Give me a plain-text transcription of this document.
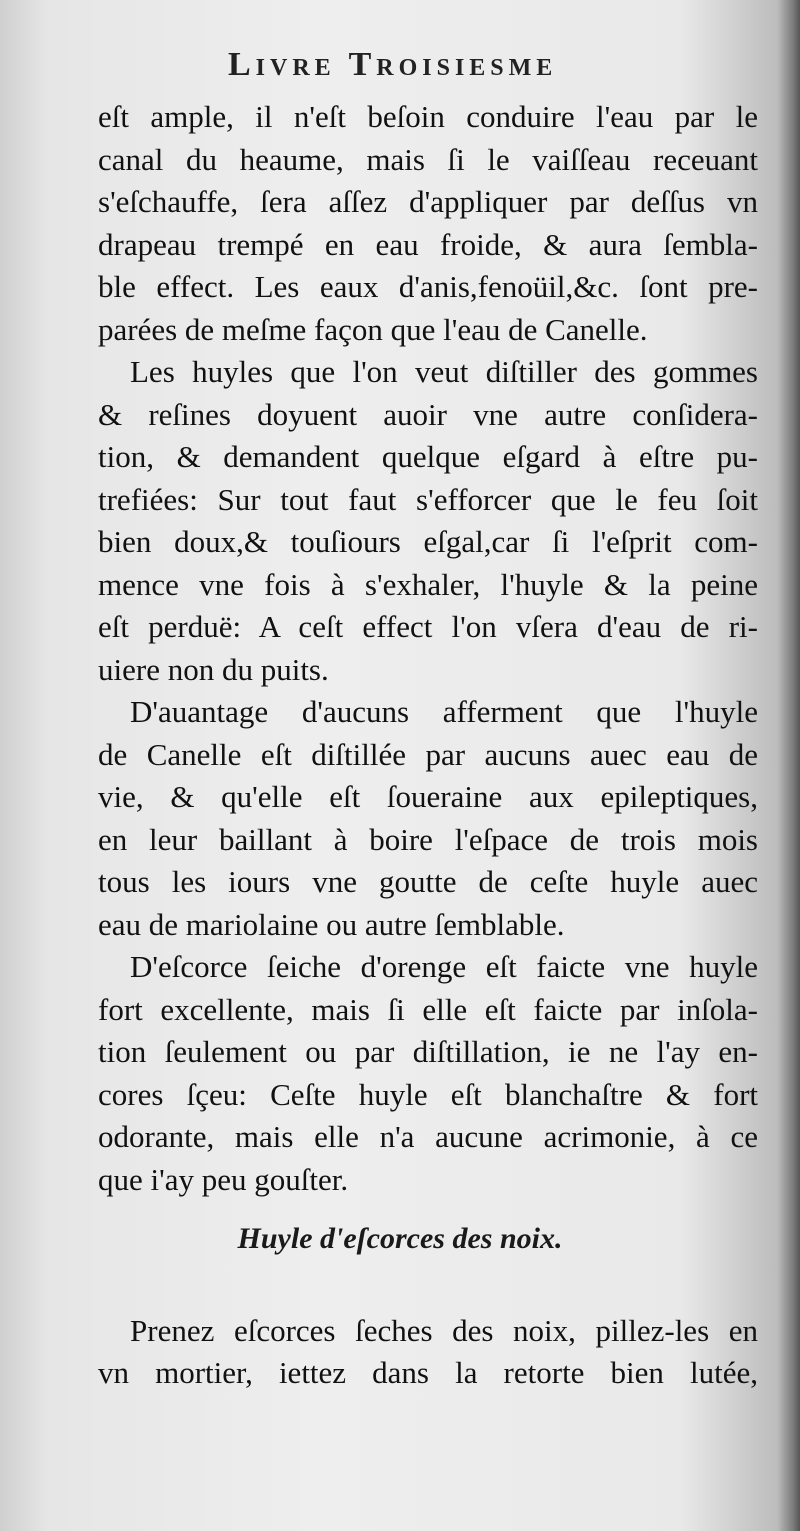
Livre Troisiesme
eſt ample, il n'eſt beſoin conduire l'eau par le
canal du heaume, mais ſi le vaiſſeau receuant
s'eſchauffe, ſera aſſez d'appliquer par deſſus vn
drapeau trempé en eau froide, & aura ſembla-
ble effect. Les eaux d'anis,fenoüil,&c. ſont pre-
parées de meſme façon que l'eau de Canelle.
Les huyles que l'on veut diſtiller des gommes
& reſines doyuent auoir vne autre conſidera-
tion, & demandent quelque eſgard à eſtre pu-
trefiées: Sur tout faut s'efforcer que le feu ſoit
bien doux,& touſiours eſgal,car ſi l'eſprit com-
mence vne fois à s'exhaler, l'huyle & la peine
eſt perduë: A ceſt effect l'on vſera d'eau de ri-
uiere non du puits.
D'auantage d'aucuns afferment que l'huyle
de Canelle eſt diſtillée par aucuns auec eau de
vie, & qu'elle eſt ſoueraine aux epileptiques,
en leur baillant à boire l'eſpace de trois mois
tous les iours vne goutte de ceſte huyle auec
eau de mariolaine ou autre ſemblable.
D'eſcorce ſeiche d'orenge eſt faicte vne huyle
fort excellente, mais ſi elle eſt faicte par inſola-
tion ſeulement ou par diſtillation, ie ne l'ay en-
cores ſçeu: Ceſte huyle eſt blanchaſtre & fort
odorante, mais elle n'a aucune acrimonie, à ce
que i'ay peu gouſter.
Huyle d'eſcorces des noix.
Prenez eſcorces ſeches des noix, pillez-les en
vn mortier, iettez dans la retorte bien lutée,
